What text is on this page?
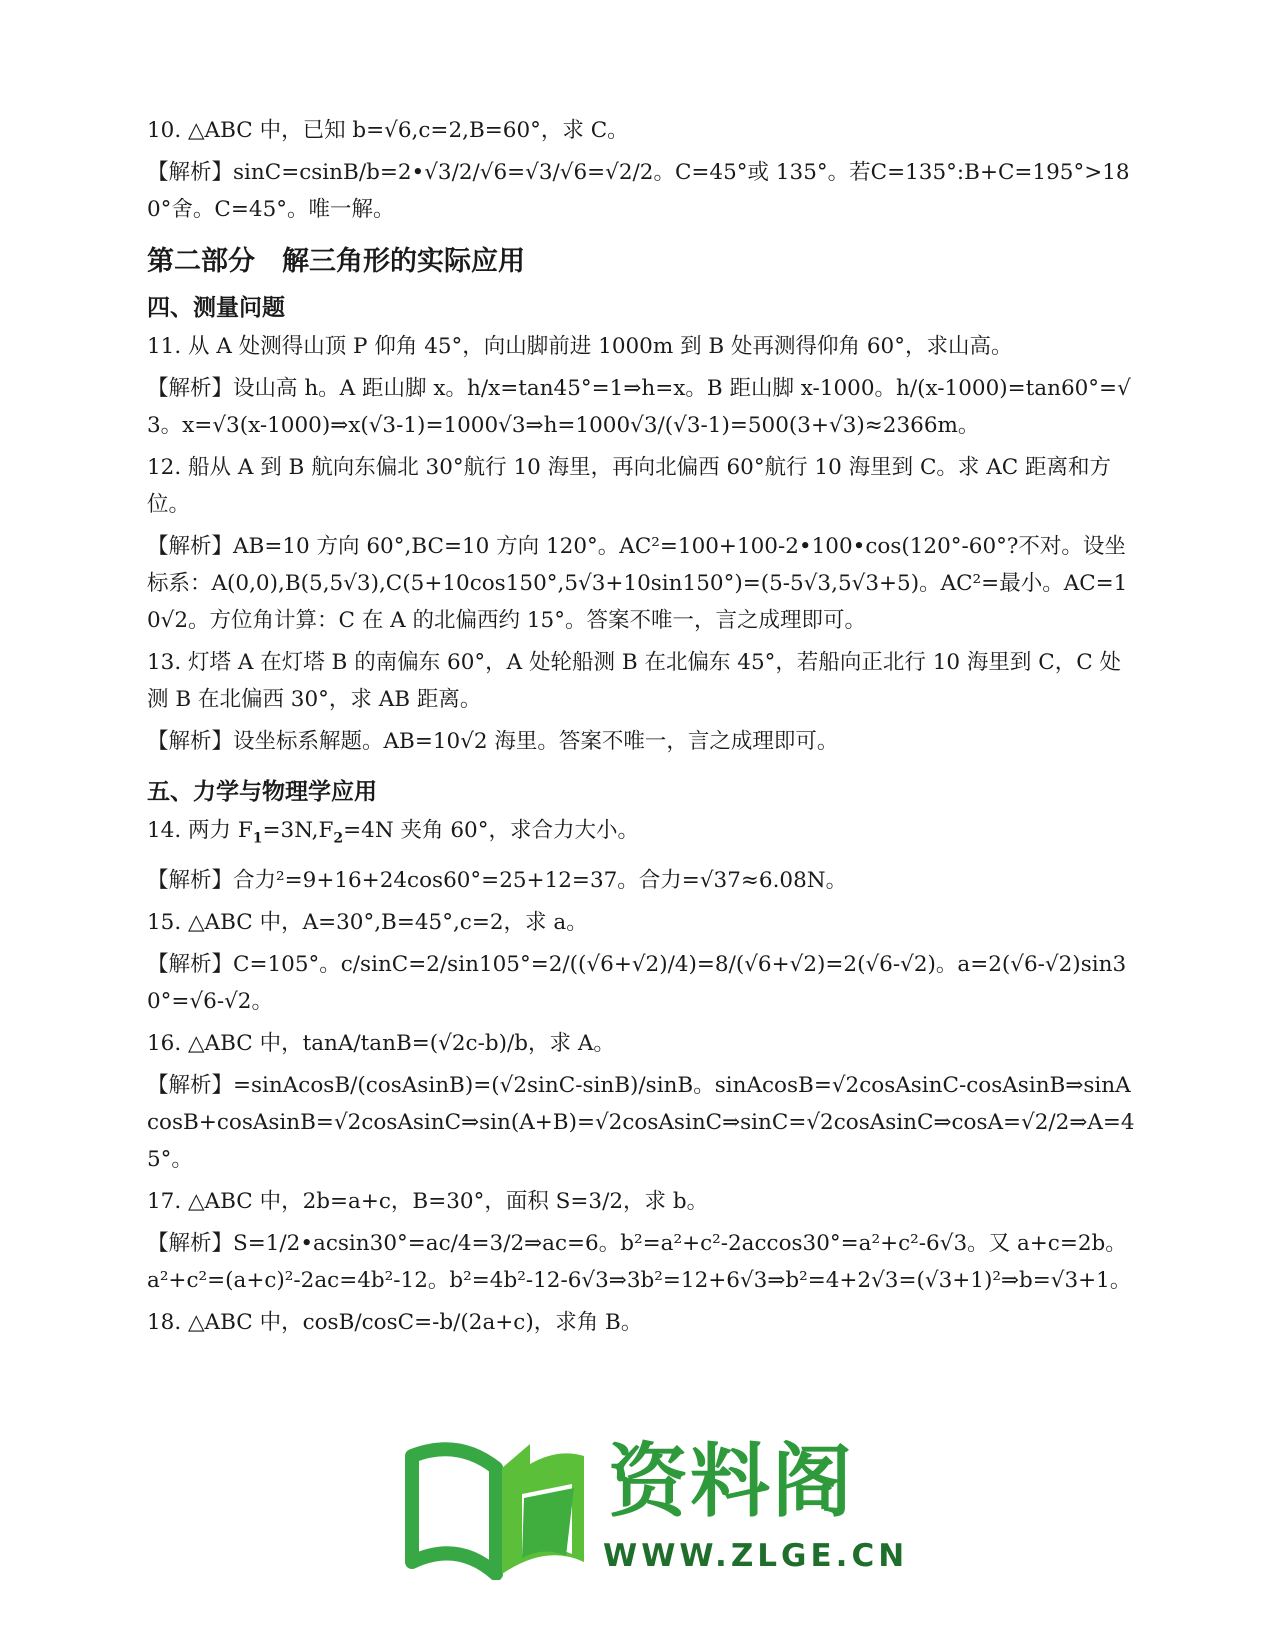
10. △ABC 中，已知 b=√6,c=2,B=60°，求 C。

【解析】sinC=csinB/b=2•√3/2/√6=√3/√6=√2/2。C=45°或 135°。若C=135°:B+C=195°>180°舍。C=45°。唯一解。

第二部分　解三角形的实际应用
四、测量问题

11. 从 A 处测得山顶 P 仰角 45°，向山脚前进 1000m 到 B 处再测得仰角 60°，求山高。

【解析】设山高 h。A 距山脚 x。h/x=tan45°=1⇒h=x。B 距山脚 x-1000。h/(x-1000)=tan60°=√3。x=√3(x-1000)⇒x(√3-1)=1000√3⇒h=1000√3/(√3-1)=500(3+√3)≈2366m。

12. 船从 A 到 B 航向东偏北 30°航行 10 海里，再向北偏西 60°航行 10 海里到 C。求 AC 距离和方位。

【解析】AB=10 方向 60°,BC=10 方向 120°。AC²=100+100-2•100•cos(120°-60°?不对。设坐标系：A(0,0),B(5,5√3),C(5+10cos150°,5√3+10sin150°)=(5-5√3,5√3+5)。AC²=最小。AC=10√2。方位角计算：C 在 A 的北偏西约 15°。答案不唯一，言之成理即可。

13. 灯塔 A 在灯塔 B 的南偏东 60°，A 处轮船测 B 在北偏东 45°，若船向正北行 10 海里到 C，C 处测 B 在北偏西 30°，求 AB 距离。

【解析】设坐标系解题。AB=10√2 海里。答案不唯一，言之成理即可。

五、力学与物理学应用

14. 两力 $F_1=3N,F_2=4N$ 夹角 60°，求合力大小。

【解析】合力²=9+16+24cos60°=25+12=37。合力=√37≈6.08N。

15. △ABC 中，A=30°,B=45°,c=2，求 a。

【解析】C=105°。c/sinC=2/sin105°=2/((√6+√2)/4)=8/(√6+√2)=2(√6-√2)。a=2(√6-√2)sin30°=√6-√2。

16. △ABC 中，tanA/tanB=(√2c-b)/b，求 A。

【解析】=sinAcosB/(cosAsinB)=(√2sinC-sinB)/sinB。sinAcosB=√2cosAsinC-cosAsinB⇒sinAcosB+cosAsinB=√2cosAsinC⇒sin(A+B)=√2cosAsinC⇒sinC=√2cosAsinC⇒cosA=√2/2⇒A=45°。

17. △ABC 中，2b=a+c，B=30°，面积 S=3/2，求 b。

【解析】S=1/2•acsin30°=ac/4=3/2⇒ac=6。b²=a²+c²-2accos30°=a²+c²-6√3。又 a+c=2b。a²+c²=(a+c)²-2ac=4b²-12。b²=4b²-12-6√3⇒3b²=12+6√3⇒b²=4+2√3=(√3+1)²⇒b=√3+1。

18. △ABC 中，cosB/cosC=-b/(2a+c)，求角 B。

资料阁
WWW.ZLGE.CN
